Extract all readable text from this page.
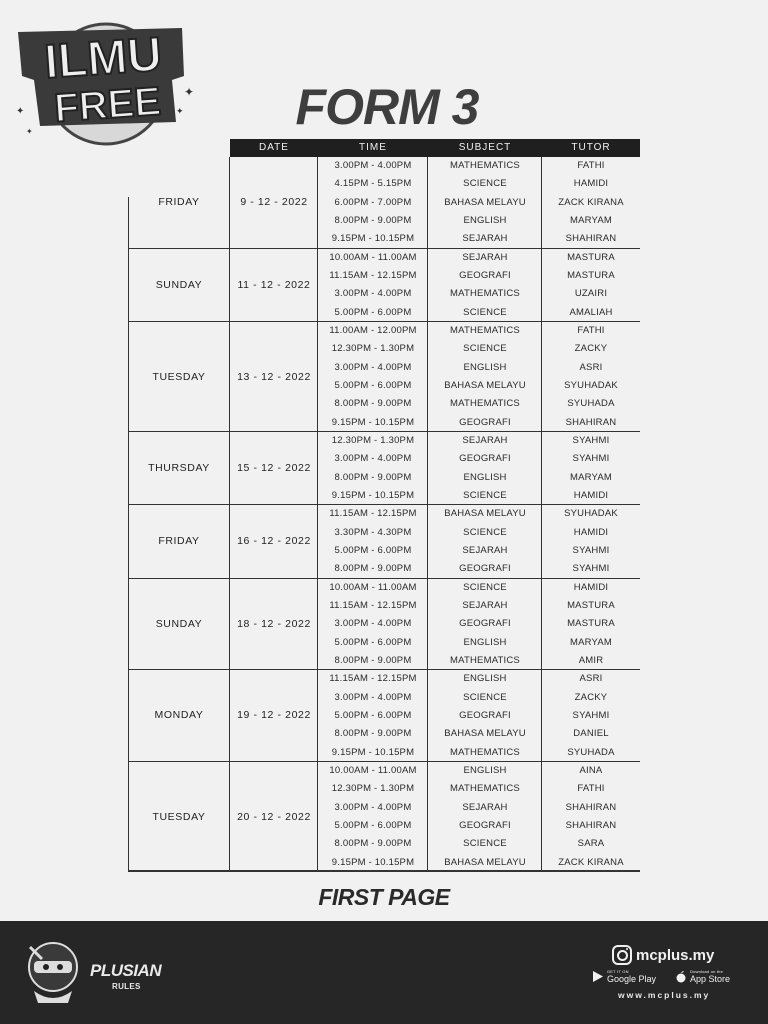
ILMU
FREE ✦
✦
✦
✦	FORM 3
DATE	TIME	SUBJECT	TUTOR
FRIDAY	9 - 12 - 2022
3.00PM - 4.00PM	MATHEMATICS	FATHI
4.15PM - 5.15PM	SCIENCE	HAMIDI
6.00PM - 7.00PM	BAHASA MELAYU	ZACK KIRANA
8.00PM - 9.00PM	ENGLISH	MARYAM
9.15PM - 10.15PM	SEJARAH	SHAHIRAN
SUNDAY	11 - 12 - 2022
10.00AM - 11.00AM	SEJARAH	MASTURA
11.15AM - 12.15PM	GEOGRAFI	MASTURA
3.00PM - 4.00PM	MATHEMATICS	UZAIRI
5.00PM - 6.00PM	SCIENCE	AMALIAH
TUESDAY	13 - 12 - 2022
11.00AM - 12.00PM	MATHEMATICS	FATHI
12.30PM - 1.30PM	SCIENCE	ZACKY
3.00PM - 4.00PM	ENGLISH	ASRI
5.00PM - 6.00PM	BAHASA MELAYU	SYUHADAK
8.00PM - 9.00PM	MATHEMATICS	SYUHADA
9.15PM - 10.15PM	GEOGRAFI	SHAHIRAN
THURSDAY	15 - 12 - 2022
12.30PM - 1.30PM	SEJARAH	SYAHMI
3.00PM - 4.00PM	GEOGRAFI	SYAHMI
8.00PM - 9.00PM	ENGLISH	MARYAM
9.15PM - 10.15PM	SCIENCE	HAMIDI
FRIDAY	16 - 12 - 2022
11.15AM - 12.15PM	BAHASA MELAYU	SYUHADAK
3.30PM - 4.30PM	SCIENCE	HAMIDI
5.00PM - 6.00PM	SEJARAH	SYAHMI
8.00PM - 9.00PM	GEOGRAFI	SYAHMI
SUNDAY	18 - 12 - 2022
10.00AM - 11.00AM	SCIENCE	HAMIDI
11.15AM - 12.15PM	SEJARAH	MASTURA
3.00PM - 4.00PM	GEOGRAFI	MASTURA
5.00PM - 6.00PM	ENGLISH	MARYAM
8.00PM - 9.00PM	MATHEMATICS	AMIR
MONDAY	19 - 12 - 2022
11.15AM - 12.15PM	ENGLISH	ASRI
3.00PM - 4.00PM	SCIENCE	ZACKY
5.00PM - 6.00PM	GEOGRAFI	SYAHMI
8.00PM - 9.00PM	BAHASA MELAYU	DANIEL
9.15PM - 10.15PM	MATHEMATICS	SYUHADA
TUESDAY	20 - 12 - 2022
10.00AM - 11.00AM	ENGLISH	AINA
12.30PM - 1.30PM	MATHEMATICS	FATHI
3.00PM - 4.00PM	SEJARAH	SHAHIRAN
5.00PM - 6.00PM	GEOGRAFI	SHAHIRAN
8.00PM - 9.00PM	SCIENCE	SARA
9.15PM - 10.15PM	BAHASA MELAYU	ZACK KIRANA
FIRST PAGE
PLUSIAN
RULES
mcplus.my
GET IT ON
Google Play
Download on the
App Store
www.mcplus.my
